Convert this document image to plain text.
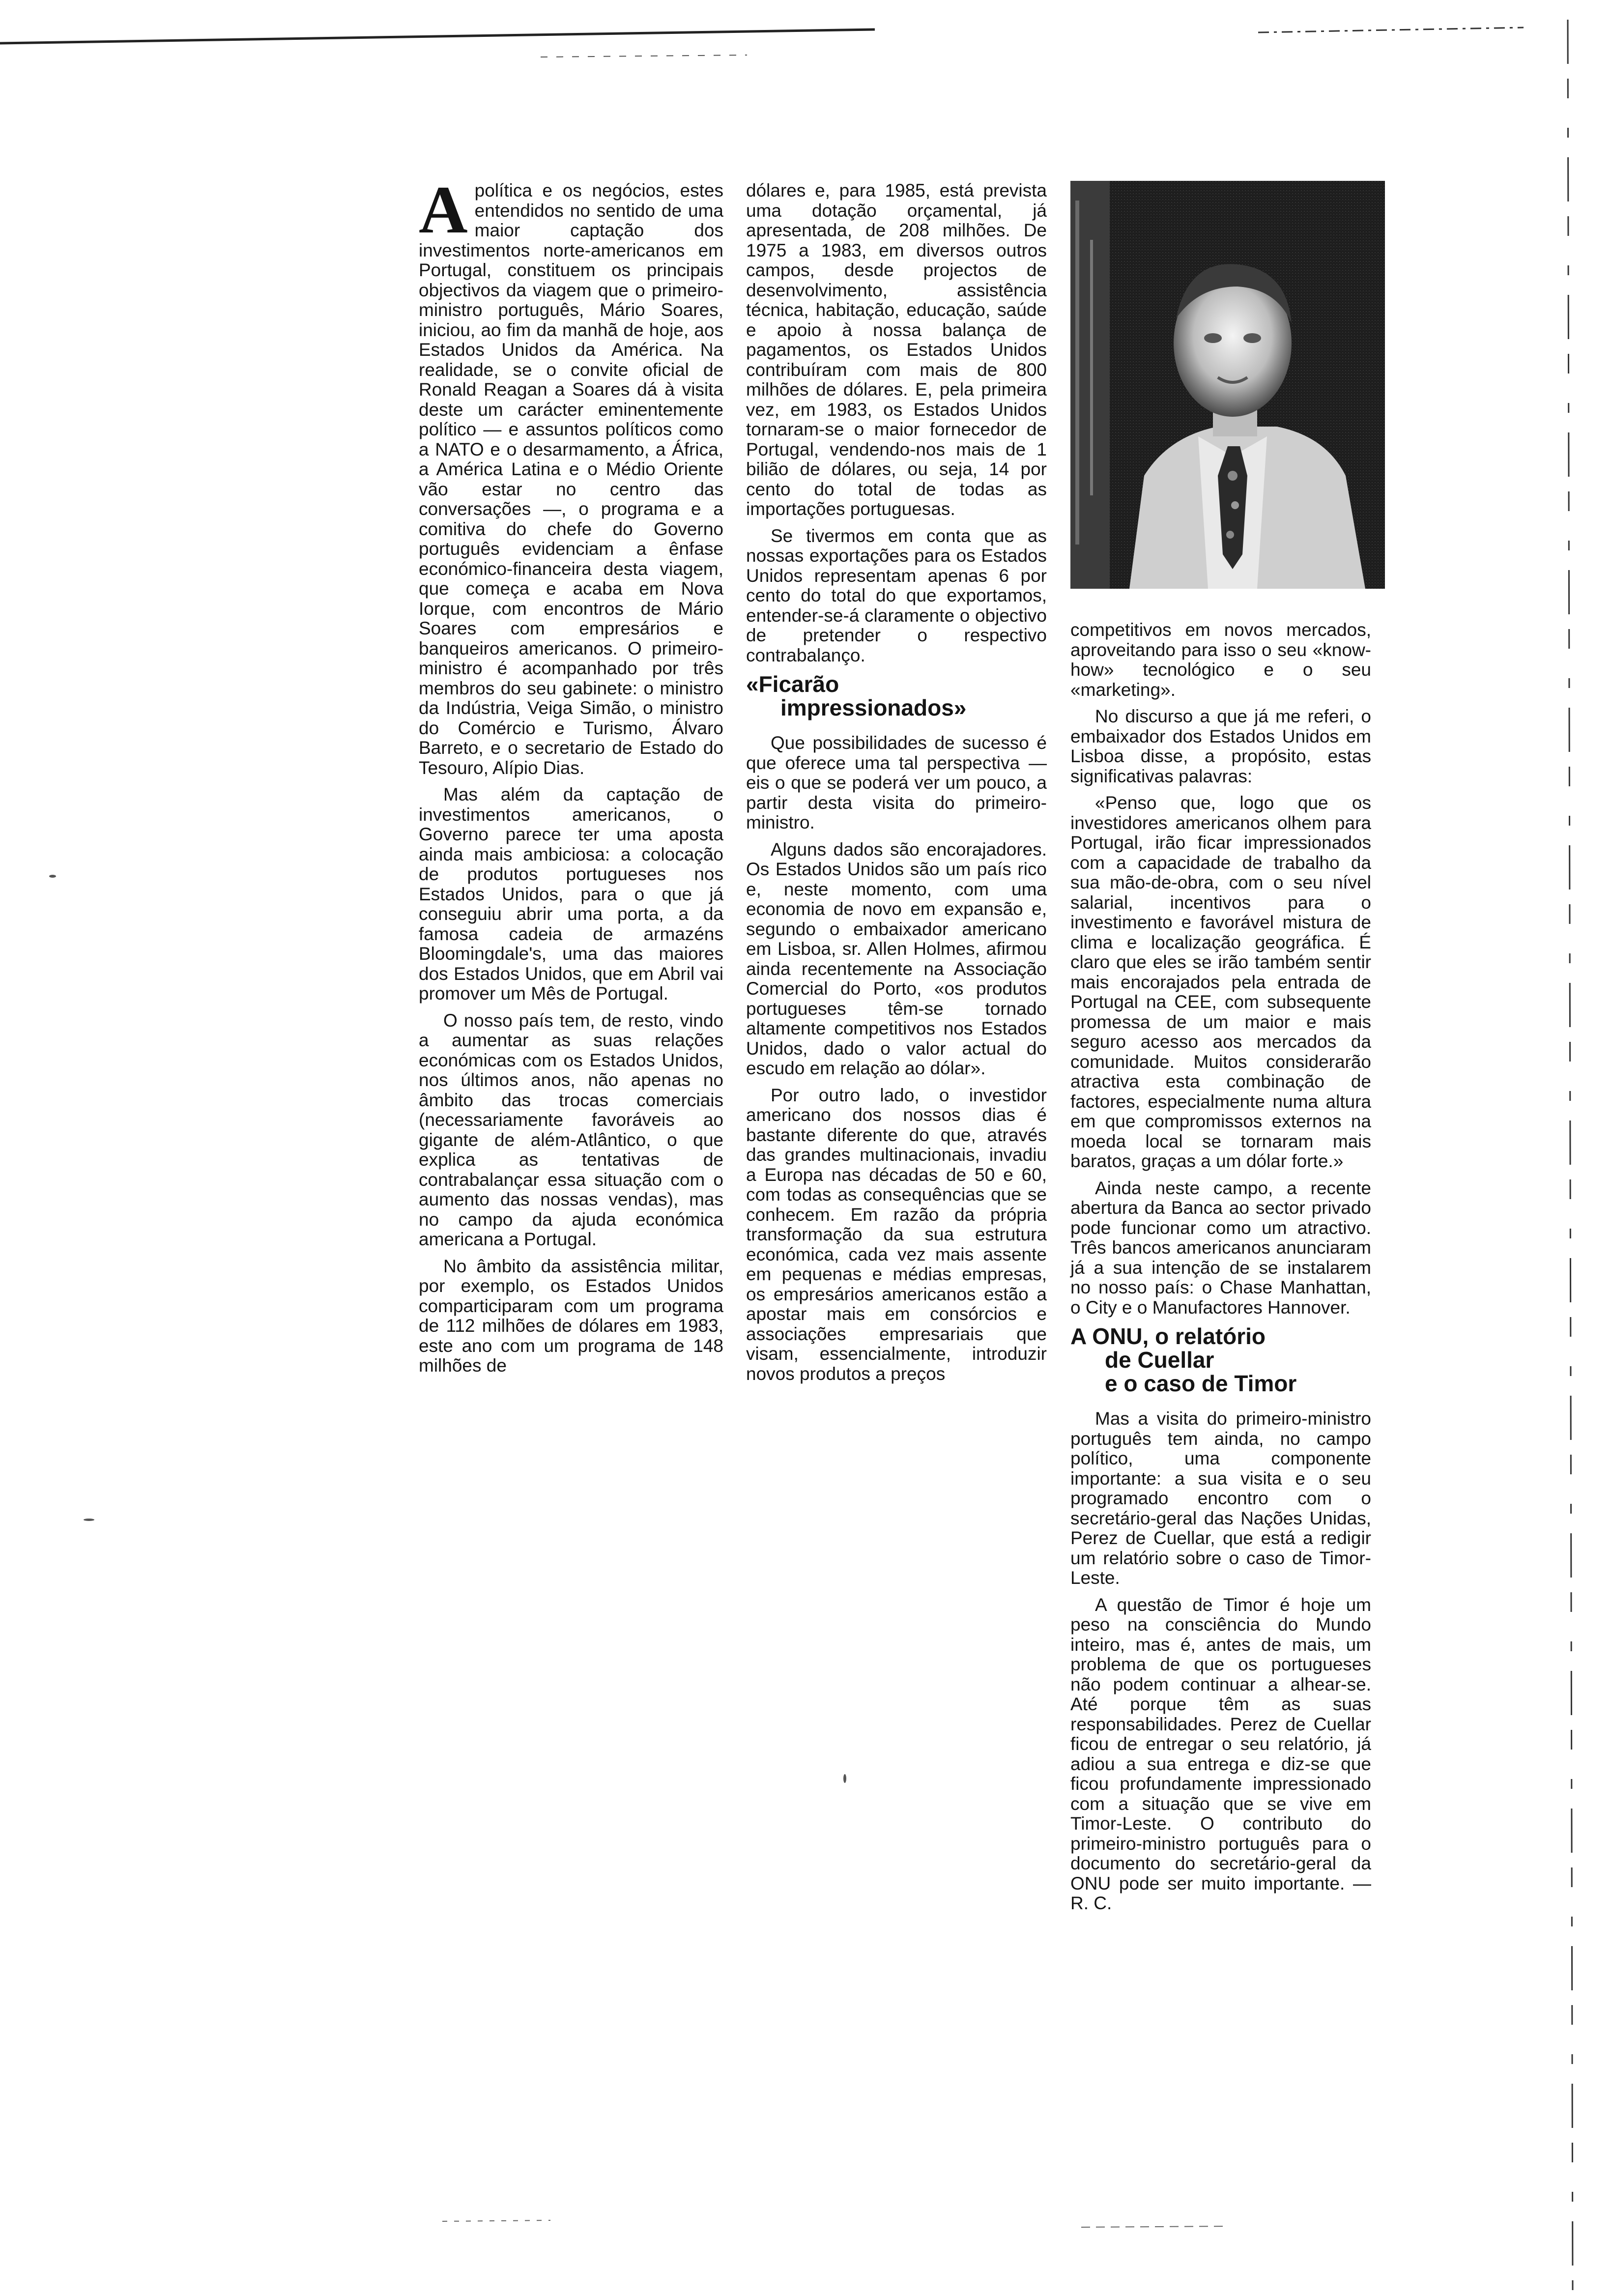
A política e os negócios, estes entendidos no sentido de uma maior captação dos investimentos norte-americanos em Portugal, constituem os principais objectivos da viagem que o primeiro-ministro português, Mário Soares, iniciou, ao fim da manhã de hoje, aos Estados Unidos da América. Na realidade, se o convite oficial de Ronald Reagan a Soares dá à visita deste um carácter eminentemente político — e assuntos políticos como a NATO e o desarmamento, a África, a América Latina e o Médio Oriente vão estar no centro das conversações —, o programa e a comitiva do chefe do Governo português evidenciam a ênfase económico-financeira desta viagem, que começa e acaba em Nova Iorque, com encontros de Mário Soares com empresários e banqueiros americanos. O primeiro-ministro é acompanhado por três membros do seu gabinete: o ministro da Indústria, Veiga Simão, o ministro do Comércio e Turismo, Álvaro Barreto, e o secretario de Estado do Tesouro, Alípio Dias.

Mas além da captação de investimentos americanos, o Governo parece ter uma aposta ainda mais ambiciosa: a colocação de produtos portugueses nos Estados Unidos, para o que já conseguiu abrir uma porta, a da famosa cadeia de armazéns Bloomingdale's, uma das maiores dos Estados Unidos, que em Abril vai promover um Mês de Portugal.

O nosso país tem, de resto, vindo a aumentar as suas relações económicas com os Estados Unidos, nos últimos anos, não apenas no âmbito das trocas comerciais (necessariamente favoráveis ao gigante de além-Atlântico, o que explica as tentativas de contrabalançar essa situação com o aumento das nossas vendas), mas no campo da ajuda económica americana a Portugal.

No âmbito da assistência militar, por exemplo, os Estados Unidos comparticiparam com um programa de 112 milhões de dólares em 1983, este ano com um programa de 148 milhões de

dólares e, para 1985, está prevista uma dotação orçamental, já apresentada, de 208 milhões. De 1975 a 1983, em diversos outros campos, desde projectos de desenvolvimento, assistência técnica, habitação, educação, saúde e apoio à nossa balança de pagamentos, os Estados Unidos contribuíram com mais de 800 milhões de dólares. E, pela primeira vez, em 1983, os Estados Unidos tornaram-se o maior fornecedor de Portugal, vendendo-nos mais de 1 bilião de dólares, ou seja, 14 por cento do total de todas as importações portuguesas.

Se tivermos em conta que as nossas exportações para os Estados Unidos representam apenas 6 por cento do total do que exportamos, entender-se-á claramente o objectivo de pretender o respectivo contrabalanço.

«Ficarão
impressionados»

Que possibilidades de sucesso é que oferece uma tal perspectiva — eis o que se poderá ver um pouco, a partir desta visita do primeiro-ministro.

Alguns dados são encorajadores. Os Estados Unidos são um país rico e, neste momento, com uma economia de novo em expansão e, segundo o embaixador americano em Lisboa, sr. Allen Holmes, afirmou ainda recentemente na Associação Comercial do Porto, «os produtos portugueses têm-se tornado altamente competitivos nos Estados Unidos, dado o valor actual do escudo em relação ao dólar».

Por outro lado, o investidor americano dos nossos dias é bastante diferente do que, através das grandes multinacionais, invadiu a Europa nas décadas de 50 e 60, com todas as consequências que se conhecem. Em razão da própria transformação da sua estrutura económica, cada vez mais assente em pequenas e médias empresas, os empresários americanos estão a apostar mais em consórcios e associações empresariais que visam, essencialmente, introduzir novos produtos a preços

competitivos em novos mercados, aproveitando para isso o seu «know-how» tecnológico e o seu «marketing».

No discurso a que já me referi, o embaixador dos Estados Unidos em Lisboa disse, a propósito, estas significativas palavras:

«Penso que, logo que os investidores americanos olhem para Portugal, irão ficar impressionados com a capacidade de trabalho da sua mão-de-obra, com o seu nível salarial, incentivos para o investimento e favorável mistura de clima e localização geográfica. É claro que eles se irão também sentir mais encorajados pela entrada de Portugal na CEE, com subsequente promessa de um maior e mais seguro acesso aos mercados da comunidade. Muitos considerarão atractiva esta combinação de factores, especialmente numa altura em que compromissos externos na moeda local se tornaram mais baratos, graças a um dólar forte.»

Ainda neste campo, a recente abertura da Banca ao sector privado pode funcionar como um atractivo. Três bancos americanos anunciaram já a sua intenção de se instalarem no nosso país: o Chase Manhattan, o City e o Manufactores Hannover.

A ONU, o relatório
de Cuellar
e o caso de Timor

Mas a visita do primeiro-ministro português tem ainda, no campo político, uma componente importante: a sua visita e o seu programado encontro com o secretário-geral das Nações Unidas, Perez de Cuellar, que está a redigir um relatório sobre o caso de Timor-Leste.

A questão de Timor é hoje um peso na consciência do Mundo inteiro, mas é, antes de mais, um problema de que os portugueses não podem continuar a alhear-se. Até porque têm as suas responsabilidades. Perez de Cuellar ficou de entregar o seu relatório, já adiou a sua entrega e diz-se que ficou profundamente impressionado com a situação que se vive em Timor-Leste. O contributo do primeiro-ministro português para o documento do secretário-geral da ONU pode ser muito importante. — R. C.
